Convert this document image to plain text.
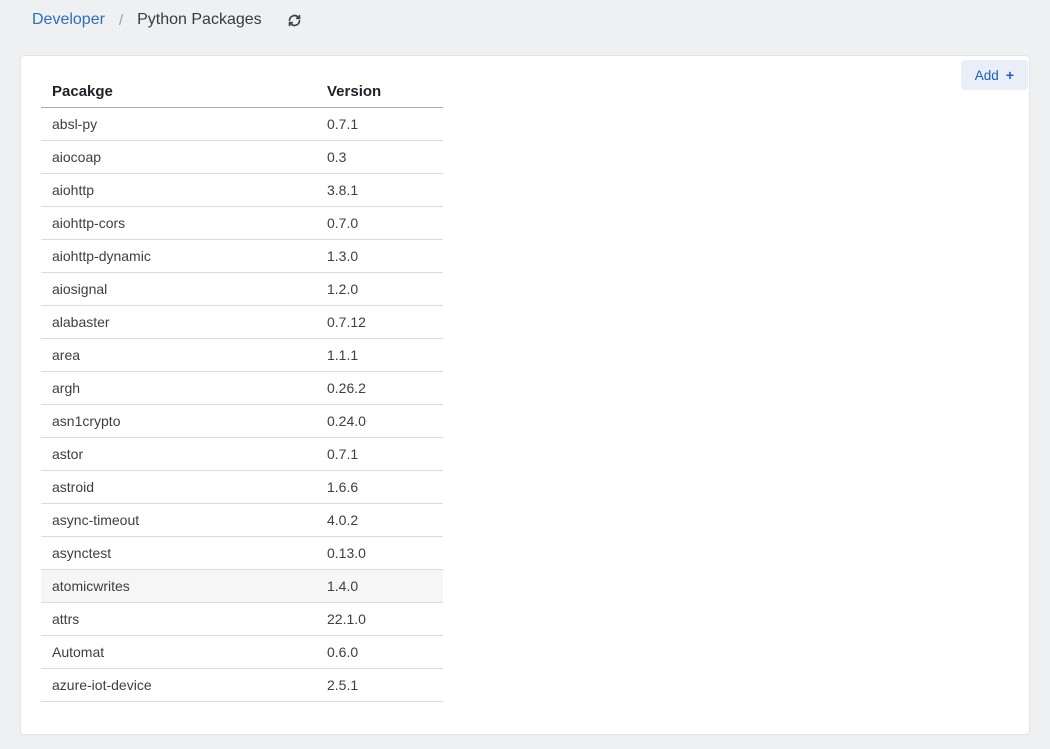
Developer / Python Packages
Add +
Pacakge	Version
absl-py	0.7.1
aiocoap	0.3
aiohttp	3.8.1
aiohttp-cors	0.7.0
aiohttp-dynamic	1.3.0
aiosignal	1.2.0
alabaster	0.7.12
area	1.1.1
argh	0.26.2
asn1crypto	0.24.0
astor	0.7.1
astroid	1.6.6
async-timeout	4.0.2
asynctest	0.13.0
atomicwrites	1.4.0
attrs	22.1.0
Automat	0.6.0
azure-iot-device	2.5.1
